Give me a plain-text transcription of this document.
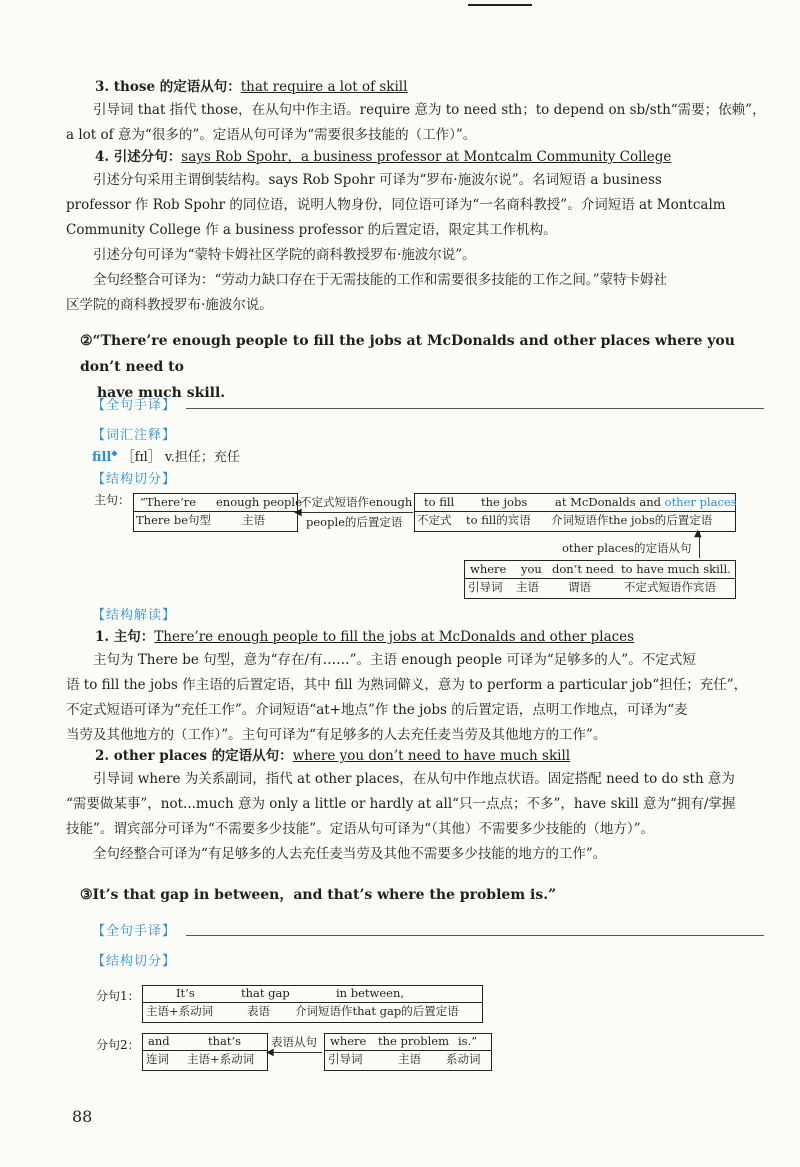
3. those 的定语从句：that require a lot of skill
引导词 that 指代 those，在从句中作主语。require 意为 to need sth；to depend on sb/sth“需要；依赖”，
a lot of 意为“很多的”。定语从句可译为“需要很多技能的（工作）”。
4. 引述分句：says Rob Spohr，a business professor at Montcalm Community College
引述分句采用主谓倒装结构。says Rob Spohr 可译为“罗布·施波尔说”。名词短语 a business
professor 作 Rob Spohr 的同位语，说明人物身份，同位语可译为“一名商科教授”。介词短语 at Montcalm
Community College 作 a business professor 的后置定语，限定其工作机构。
引述分句可译为“蒙特卡姆社区学院的商科教授罗布·施波尔说”。
全句经整合可译为：“劳动力缺口存在于无需技能的工作和需要很多技能的工作之间。”蒙特卡姆社
区学院的商科教授罗布·施波尔说。
②“There’re enough people to fill the jobs at McDonalds and other places where you don’t need to
have much skill.
【 全句手译 】
【 词汇注释 】
fill◆ ［fɪl］ v.担任；充任
【 结构切分 】
主句： “There’re
There be句型
enough people
主语
不定式短语作enough
people的后置定语
◀
to fill
不定式
the jobs
to fill的宾语
at McDonalds and other places
介词短语作the jobs的后置定语
other places的定语从句
▲
where
引导词
you
主语
don’t need
谓语
to have much skill.
不定式短语作宾语
【 结构解读 】
1. 主句：There’re enough people to fill the jobs at McDonalds and other places
主句为 There be 句型，意为“存在/有……”。主语 enough people 可译为“足够多的人”。不定式短
语 to fill the jobs 作主语的后置定语，其中 fill 为熟词僻义，意为 to perform a particular job“担任；充任”，
不定式短语可译为“充任工作”。介词短语“at+地点”作 the jobs 的后置定语，点明工作地点，可译为“麦
当劳及其他地方的（工作）”。主句可译为“有足够多的人去充任麦当劳及其他地方的工作”。
2. other places 的定语从句：where you don’t need to have much skill
引导词 where 为关系副词，指代 at other places，在从句中作地点状语。固定搭配 need to do sth 意为
“需要做某事”，not...much 意为 only a little or hardly at all“只一点点；不多”，have skill 意为“拥有/掌握
技能”。谓宾部分可译为“不需要多少技能”。定语从句可译为“（其他）不需要多少技能的（地方）”。
全句经整合可译为“有足够多的人去充任麦当劳及其他不需要多少技能的地方的工作”。
③It’s that gap in between，and that’s where the problem is.”
【 全句手译 】
【 结构切分 】
分句1：	It’s
主语+系动词
that gap
表语
in between,
介词短语作that gap的后置定语
分句2： and
连词
that’s
主语+系动词
表语从句
◀
where
引导词
the problem
主语
is.”
系动词
88
